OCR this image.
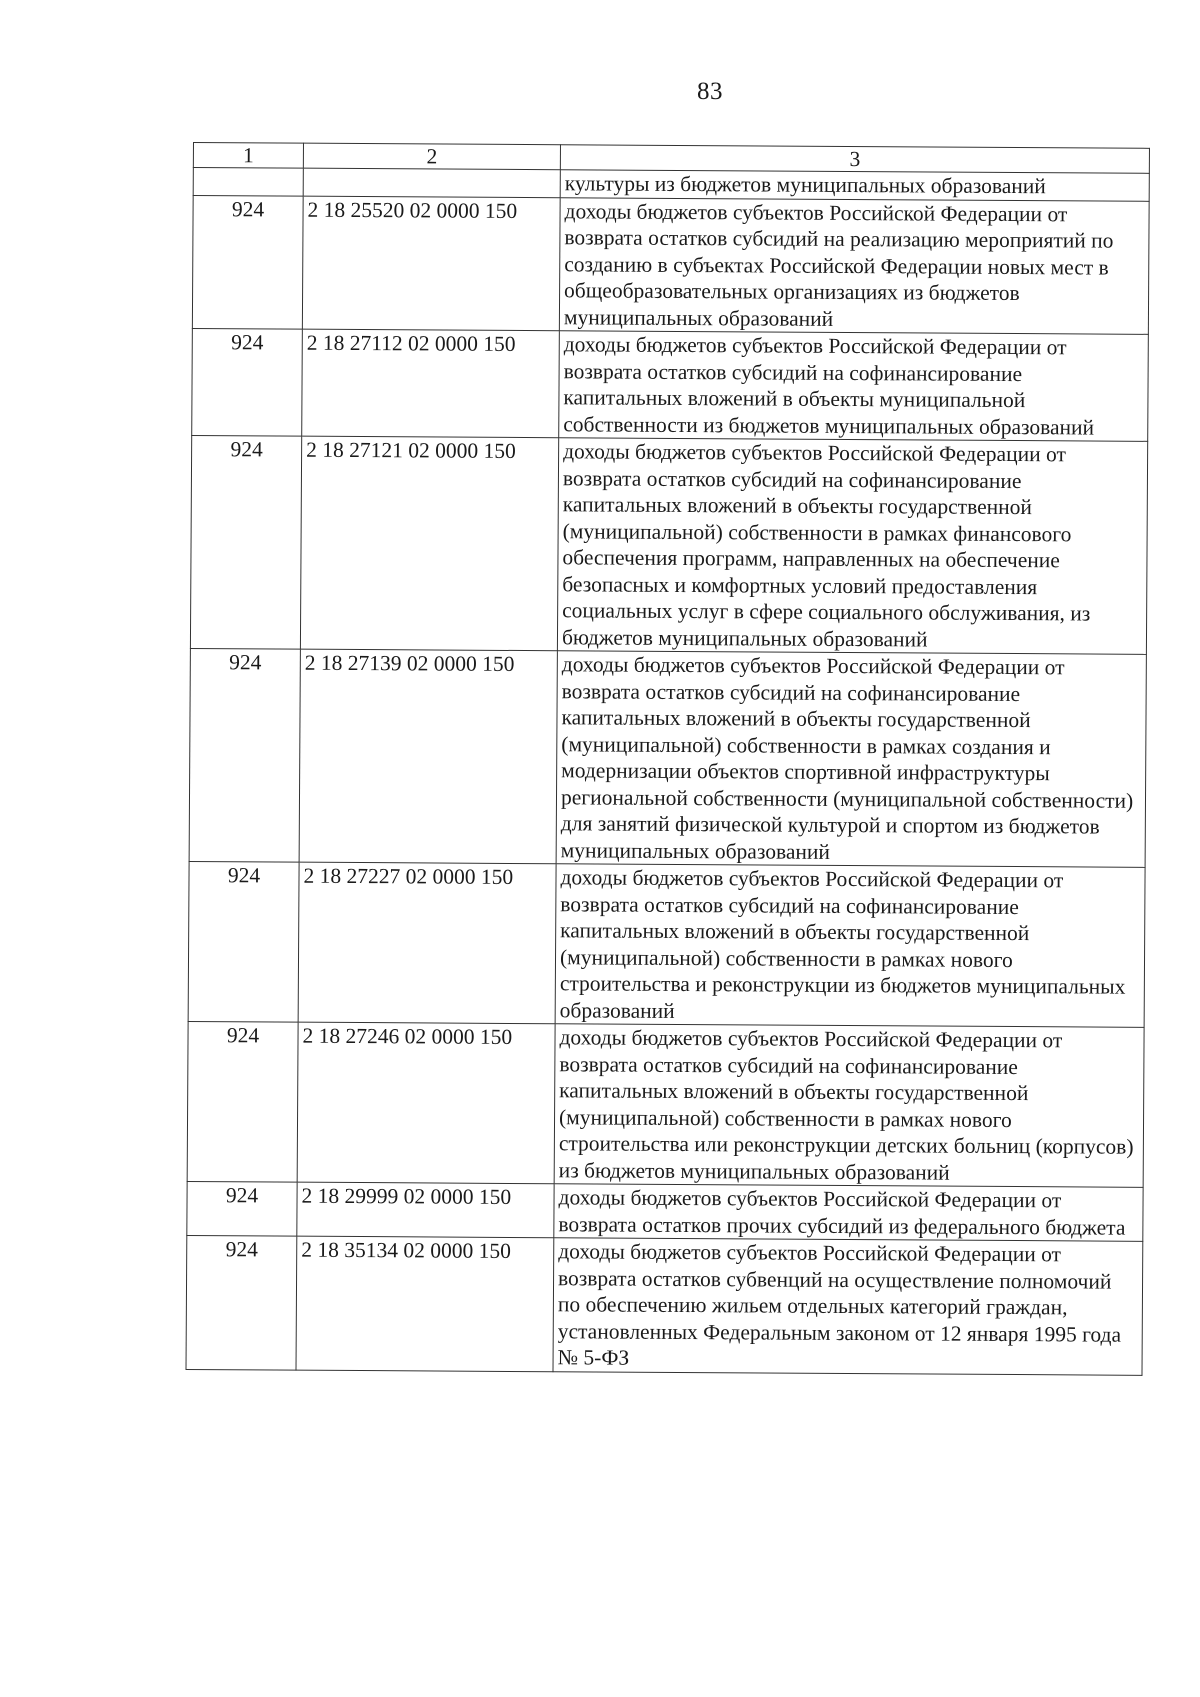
83
1	2	3
		культуры из бюджетов муниципальных образований
924	2 18 25520 02 0000 150	доходы бюджетов субъектов Российской Федерации от возврата остатков субсидий на реализацию мероприятий по созданию в субъектах Российской Федерации новых мест в общеобразовательных организациях из бюджетов муниципальных образований
924	2 18 27112 02 0000 150	доходы бюджетов субъектов Российской Федерации от возврата остатков субсидий на софинансирование капитальных вложений в объекты муниципальной собственности из бюджетов муниципальных образований
924	2 18 27121 02 0000 150	доходы бюджетов субъектов Российской Федерации от возврата остатков субсидий на софинансирование капитальных вложений в объекты государственной (муниципальной) собственности в рамках финансового обеспечения программ, направленных на обеспечение безопасных и комфортных условий предоставления социальных услуг в сфере социального обслуживания, из бюджетов муниципальных образований
924	2 18 27139 02 0000 150	доходы бюджетов субъектов Российской Федерации от возврата остатков субсидий на софинансирование капитальных вложений в объекты государственной (муниципальной) собственности в рамках создания и модернизации объектов спортивной инфраструктуры региональной собственности (муниципальной собственности) для занятий физической культурой и спортом из бюджетов муниципальных образований
924	2 18 27227 02 0000 150	доходы бюджетов субъектов Российской Федерации от возврата остатков субсидий на софинансирование капитальных вложений в объекты государственной (муниципальной) собственности в рамках нового строительства и реконструкции из бюджетов муниципальных образований
924	2 18 27246 02 0000 150	доходы бюджетов субъектов Российской Федерации от возврата остатков субсидий на софинансирование капитальных вложений в объекты государственной (муниципальной) собственности в рамках нового строительства или реконструкции детских больниц (корпусов) из бюджетов муниципальных образований
924	2 18 29999 02 0000 150	доходы бюджетов субъектов Российской Федерации от возврата остатков прочих субсидий из федерального бюджета
924	2 18 35134 02 0000 150	доходы бюджетов субъектов Российской Федерации от возврата остатков субвенций на осуществление полномочий по обеспечению жильем отдельных категорий граждан, установленных Федеральным законом от 12 января 1995 года № 5-ФЗ
